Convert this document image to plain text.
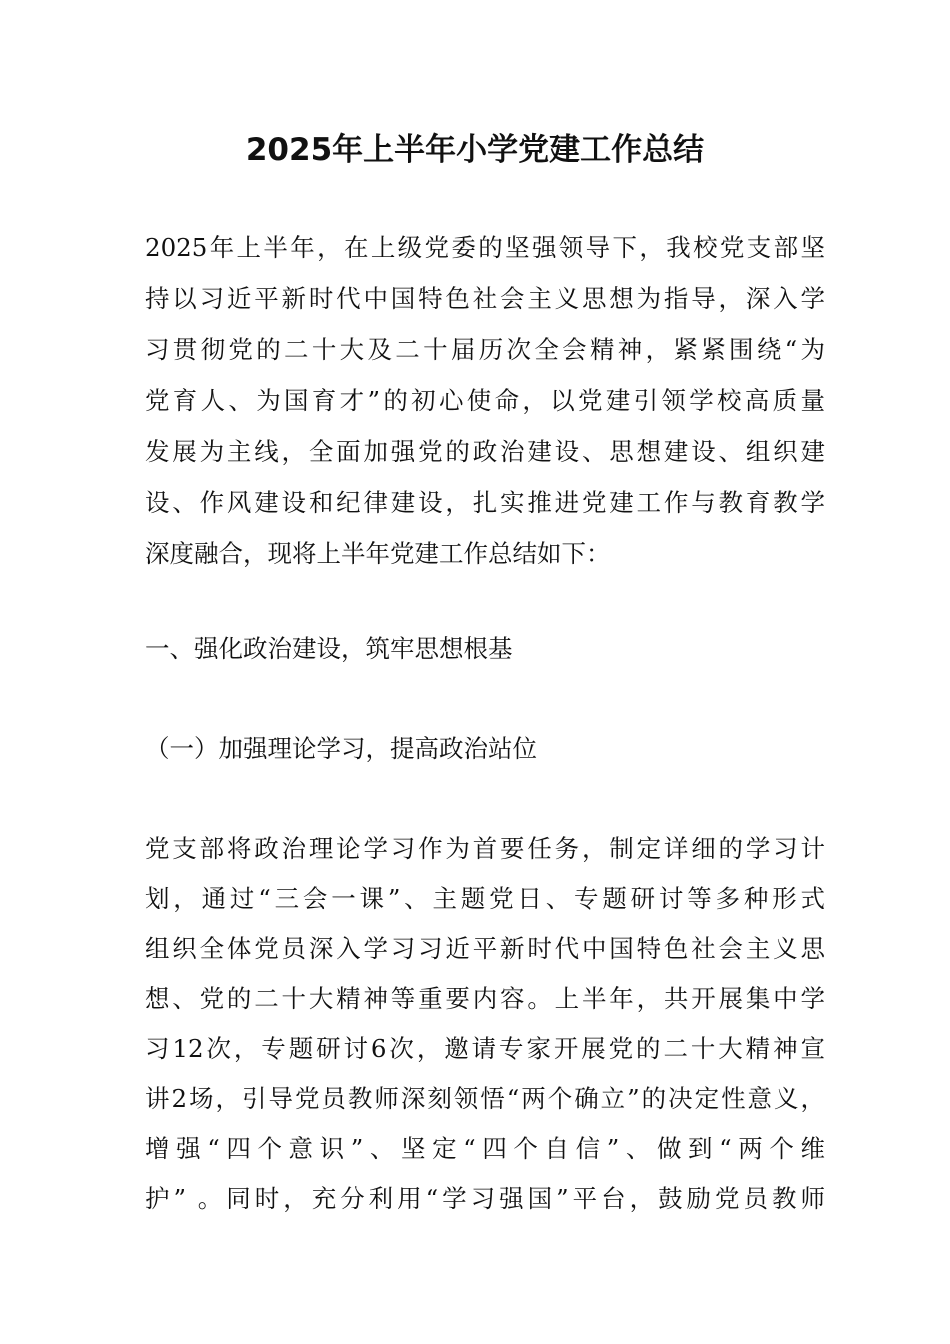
2025年上半年小学党建工作总结
2025年上半年，在上级党委的坚强领导下，我校党支部坚
持以习近平新时代中国特色社会主义思想为指导，深入学
习贯彻党的二十大及二十届历次全会精神，紧紧围绕“为
党育人、为国育才”的初心使命，以党建引领学校高质量
发展为主线，全面加强党的政治建设、思想建设、组织建
设、作风建设和纪律建设，扎实推进党建工作与教育教学
深度融合，现将上半年党建工作总结如下：
一、强化政治建设，筑牢思想根基
（一）加强理论学习，提高政治站位
党支部将政治理论学习作为首要任务，制定详细的学习计
划，通过“三会一课”、主题党日、专题研讨等多种形式
组织全体党员深入学习习近平新时代中国特色社会主义思
想、党的二十大精神等重要内容。上半年，共开展集中学
习12次，专题研讨6次，邀请专家开展党的二十大精神宣
讲2场，引导党员教师深刻领悟“两个确立”的决定性意义，
增强“四个意识”、坚定“四个自信”、做到“两个维
护” 。同时，充分利用“学习强国”平台，鼓励党员教师
